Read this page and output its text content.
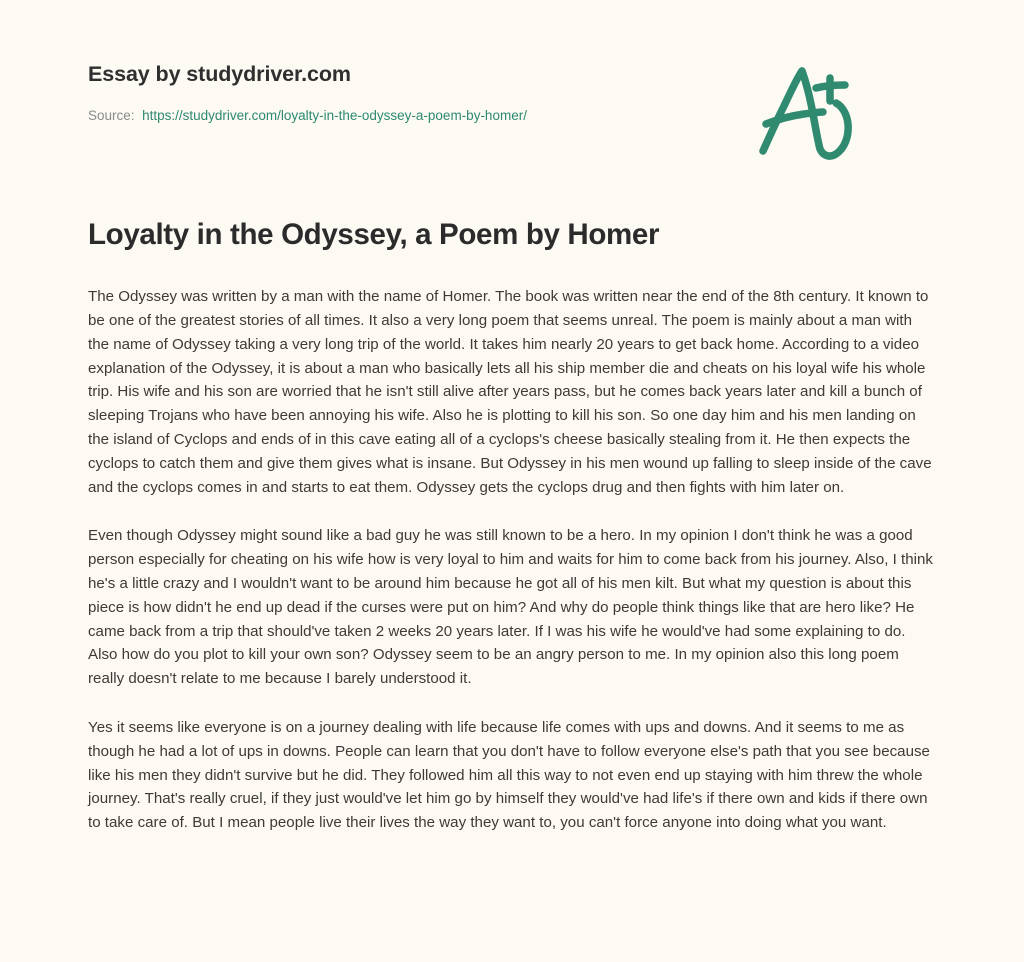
Essay by studydriver.com
Source: https://studydriver.com/loyalty-in-the-odyssey-a-poem-by-homer/
Loyalty in the Odyssey, a Poem by Homer

The Odyssey was written by a man with the name of Homer. The book was written near the end of the 8th century. It known to be one of the greatest stories of all times. It also a very long poem that seems unreal. The poem is mainly about a man with the name of Odyssey taking a very long trip of the world. It takes him nearly 20 years to get back home. According to a video explanation of the Odyssey, it is about a man who basically lets all his ship member die and cheats on his loyal wife his whole trip. His wife and his son are worried that he isn't still alive after years pass, but he comes back years later and kill a bunch of sleeping Trojans who have been annoying his wife. Also he is plotting to kill his son. So one day him and his men landing on the island of Cyclops and ends of in this cave eating all of a cyclops's cheese basically stealing from it. He then expects the cyclops to catch them and give them gives what is insane. But Odyssey in his men wound up falling to sleep inside of the cave and the cyclops comes in and starts to eat them. Odyssey gets the cyclops drug and then fights with him later on.

Even though Odyssey might sound like a bad guy he was still known to be a hero. In my opinion I don't think he was a good person especially for cheating on his wife how is very loyal to him and waits for him to come back from his journey. Also, I think he's a little crazy and I wouldn't want to be around him because he got all of his men kilt. But what my question is about this piece is how didn't he end up dead if the curses were put on him? And why do people think things like that are hero like? He came back from a trip that should've taken 2 weeks 20 years later. If I was his wife he would've had some explaining to do. Also how do you plot to kill your own son? Odyssey seem to be an angry person to me. In my opinion also this long poem really doesn't relate to me because I barely understood it.

Yes it seems like everyone is on a journey dealing with life because life comes with ups and downs. And it seems to me as though he had a lot of ups in downs. People can learn that you don't have to follow everyone else's path that you see because like his men they didn't survive but he did. They followed him all this way to not even end up staying with him threw the whole journey. That's really cruel, if they just would've let him go by himself they would've had life's if there own and kids if there own to take care of. But I mean people live their lives the way they want to, you can't force anyone into doing what you want.
